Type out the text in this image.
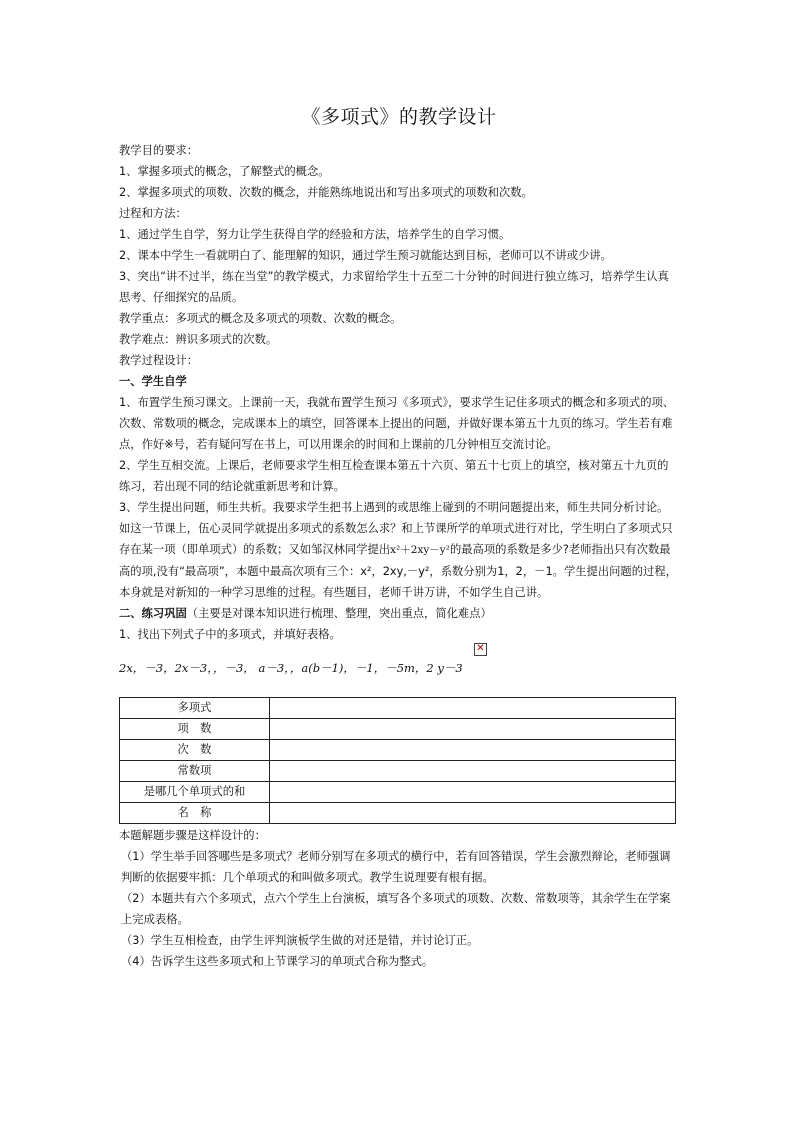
《多项式》的教学设计

教学目的要求：

1、掌握多项式的概念，了解整式的概念。

2、掌握多项式的项数、次数的概念，并能熟练地说出和写出多项式的项数和次数。

过程和方法：

1、通过学生自学，努力让学生获得自学的经验和方法，培养学生的自学习惯。

2、课本中学生一看就明白了、能理解的知识，通过学生预习就能达到目标，老师可以不讲或少讲。

3、突出“讲不过半，练在当堂”的教学模式，力求留给学生十五至二十分钟的时间进行独立练习，培养学生认真思考、仔细探究的品质。

教学重点：多项式的概念及多项式的项数、次数的概念。

教学难点：辨识多项式的次数。

教学过程设计：

一、学生自学

1、布置学生预习课文。上课前一天，我就布置学生预习《多项式》，要求学生记住多项式的概念和多项式的项、次数、常数项的概念，完成课本上的填空，回答课本上提出的问题，并做好课本第五十九页的练习。学生若有难点，作好※号，若有疑问写在书上，可以用课余的时间和上课前的几分钟相互交流讨论。

2、学生互相交流。上课后，老师要求学生相互检查课本第五十六页、第五十七页上的填空，核对第五十九页的练习，若出现不同的结论就重新思考和计算。

3、学生提出问题，师生共析。我要求学生把书上遇到的或思维上碰到的不明问题提出来，师生共同分析讨论。如这一节课上，伍心灵同学就提出多项式的系数怎么求？和上节课所学的单项式进行对比，学生明白了多项式只存在某一项（即单项式）的系数；又如邹汉林同学提出x²＋2xy－y²的最高项的系数是多少?老师指出只有次数最高的项,没有“最高项”，本题中最高次项有三个：x²，2xy,－y²，系数分别为1，2，－1。学生提出问题的过程，本身就是对新知的一种学习思维的过程。有些题目，老师千讲万讲，不如学生自己讲。

二、练习巩固（主要是对课本知识进行梳理、整理，突出重点，简化难点）

1、找出下列式子中的多项式，并填好表格。

2x，－3，2x－3，，－3， a－3，，a(b－1)，－1，－5m，2 y－3
✕
多项式	
项　数	
次　数	
常数项	
是哪几个单项式的和	
名　称	

本题解题步骤是这样设计的：

（1）学生举手回答哪些是多项式？老师分别写在多项式的横行中，若有回答错误，学生会激烈辩论，老师强调判断的依据要牢抓：几个单项式的和叫做多项式。教学生说理要有根有据。

（2）本题共有六个多项式，点六个学生上台演板，填写各个多项式的项数、次数、常数项等，其余学生在学案上完成表格。

（3）学生互相检查，由学生评判演板学生做的对还是错，并讨论订正。

（4）告诉学生这些多项式和上节课学习的单项式合称为整式。
